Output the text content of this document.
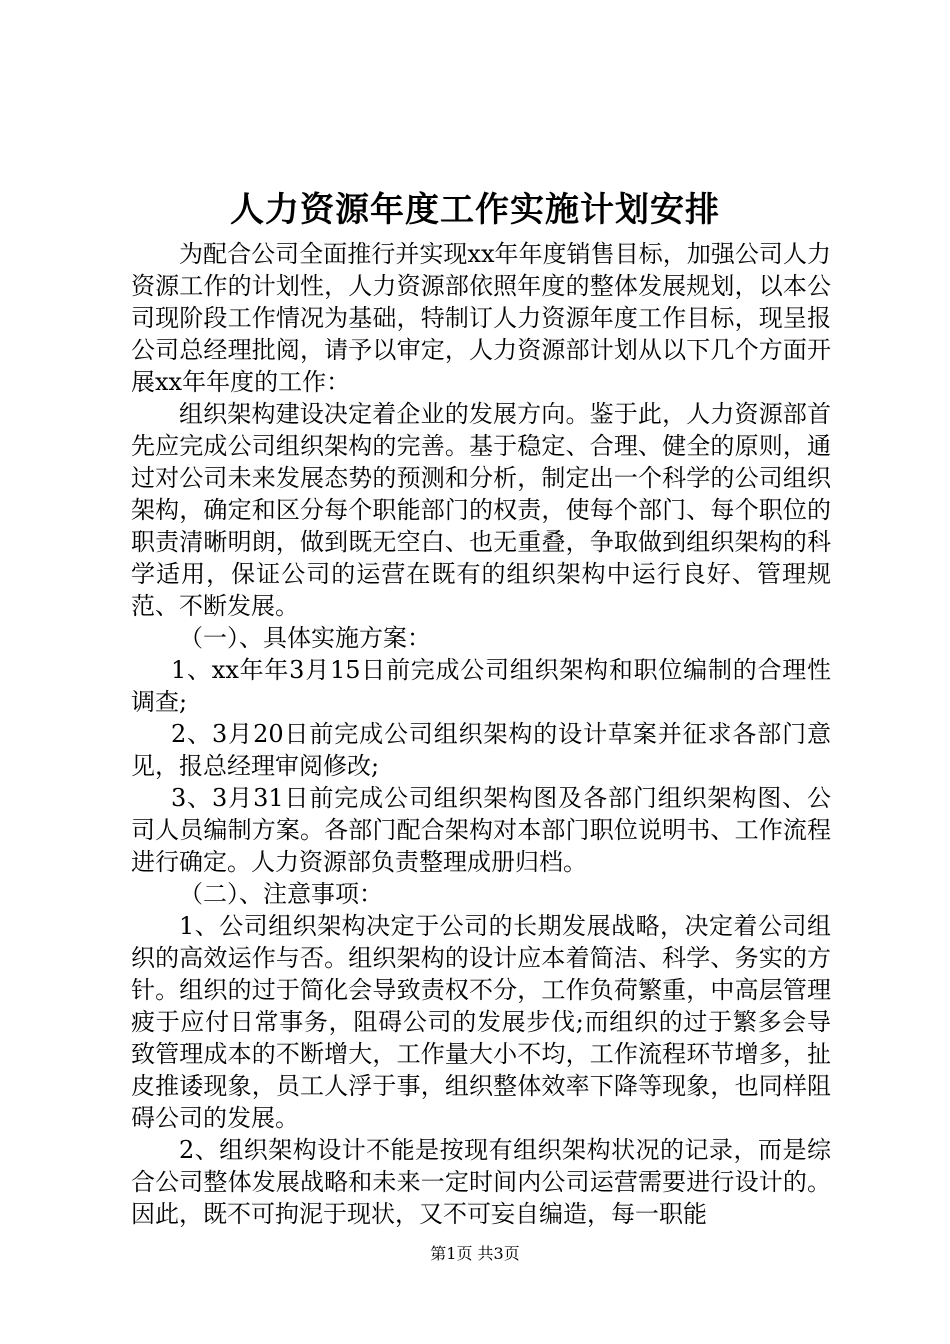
人力资源年度工作实施计划安排

为配合公司全面推行并实现xx年年度销售目标，加强公司人力资源工作的计划性，人力资源部依照年度的整体发展规划，以本公司现阶段工作情况为基础，特制订人力资源年度工作目标，现呈报公司总经理批阅，请予以审定，人力资源部计划从以下几个方面开展xx年年度的工作：

组织架构建设决定着企业的发展方向。鉴于此，人力资源部首先应完成公司组织架构的完善。基于稳定、合理、健全的原则，通过对公司未来发展态势的预测和分析，制定出一个科学的公司组织架构，确定和区分每个职能部门的权责，使每个部门、每个职位的职责清晰明朗，做到既无空白、也无重叠，争取做到组织架构的科学适用，保证公司的运营在既有的组织架构中运行良好、管理规范、不断发展。

（一）、具体实施方案：

1、xx年年3月15日前完成公司组织架构和职位编制的合理性调查;

2、3月20日前完成公司组织架构的设计草案并征求各部门意见，报总经理审阅修改;

3、3月31日前完成公司组织架构图及各部门组织架构图、公司人员编制方案。各部门配合架构对本部门职位说明书、工作流程进行确定。人力资源部负责整理成册归档。

（二）、注意事项：

1、公司组织架构决定于公司的长期发展战略，决定着公司组织的高效运作与否。组织架构的设计应本着简洁、科学、务实的方针。组织的过于简化会导致责权不分，工作负荷繁重，中高层管理疲于应付日常事务，阻碍公司的发展步伐;而组织的过于繁多会导致管理成本的不断增大，工作量大小不均，工作流程环节增多，扯皮推诿现象，员工人浮于事，组织整体效率下降等现象，也同样阻碍公司的发展。

2、组织架构设计不能是按现有组织架构状况的记录，而是综合公司整体发展战略和未来一定时间内公司运营需要进行设计的。因此，既不可拘泥于现状，又不可妄自编造，每一职能

第1页 共3页
